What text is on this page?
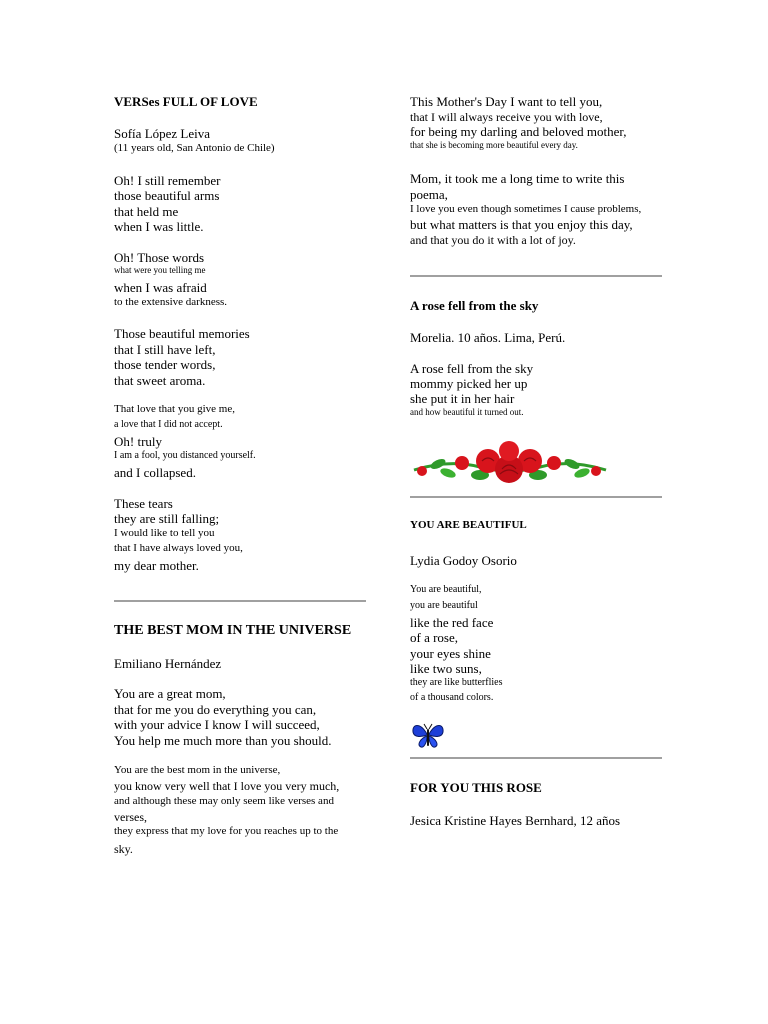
VERSes FULL OF LOVE
Sofía López Leiva
(11 years old, San Antonio de Chile)
Oh! I still remember
those beautiful arms
that held me
when I was little.
Oh! Those words
what were you telling me
when I was afraid
to the extensive darkness.
Those beautiful memories
that I still have left,
those tender words,
that sweet aroma.
That love that you give me,
a love that I did not accept.
Oh! truly
I am a fool, you distanced yourself.
and I collapsed.
These tears
they are still falling;
I would like to tell you
that I have always loved you,
my dear mother.
THE BEST MOM IN THE UNIVERSE
Emiliano Hernández
You are a great mom,
that for me you do everything you can,
with your advice I know I will succeed,
You help me much more than you should.
You are the best mom in the universe,
you know very well that I love you very much,
and although these may only seem like verses and
verses,
they express that my love for you reaches up to the
sky.
This Mother's Day I want to tell you,
that I will always receive you with love,
for being my darling and beloved mother,
that she is becoming more beautiful every day.
Mom, it took me a long time to write this
poema,
I love you even though sometimes I cause problems,
but what matters is that you enjoy this day,
and that you do it with a lot of joy.
A rose fell from the sky
Morelia. 10 años. Lima, Perú.
A rose fell from the sky
mommy picked her up
she put it in her hair
and how beautiful it turned out.
YOU ARE BEAUTIFUL
Lydia Godoy Osorio
You are beautiful,
you are beautiful
like the red face
of a rose,
your eyes shine
like two suns,
they are like butterflies
of a thousand colors.
FOR YOU THIS ROSE
Jesica Kristine Hayes Bernhard, 12 años
